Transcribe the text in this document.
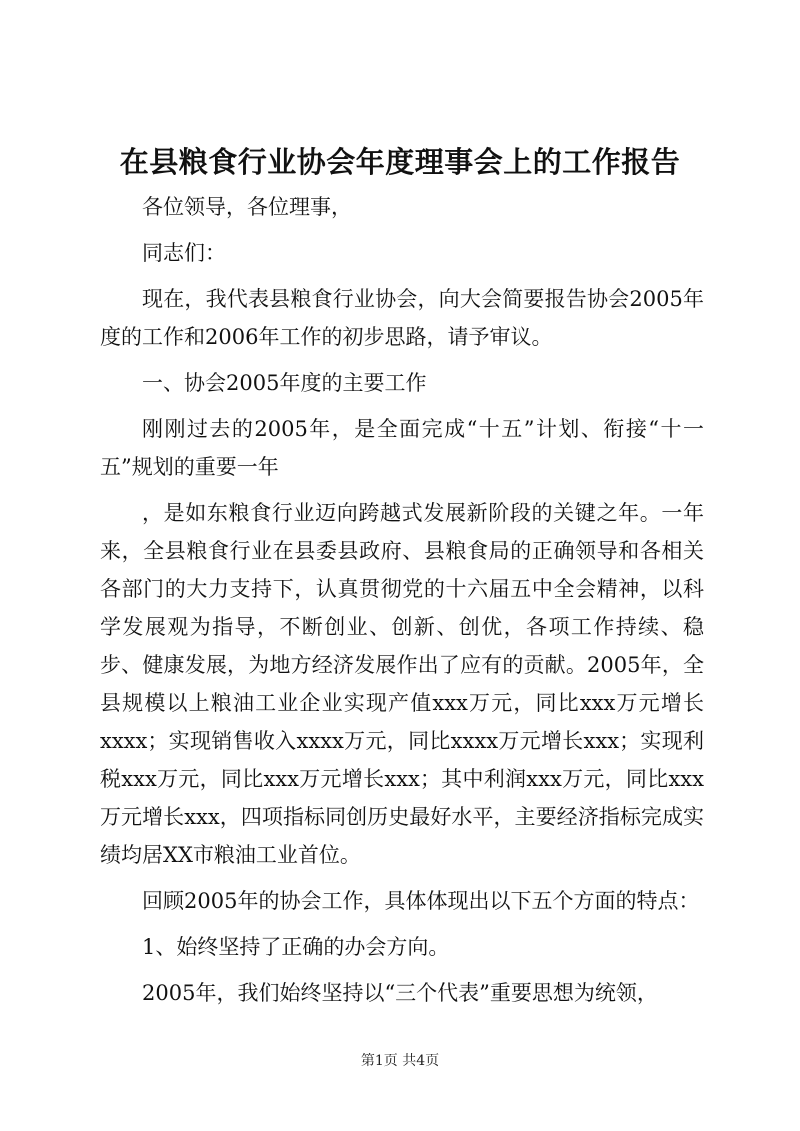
在县粮食行业协会年度理事会上的工作报告

各位领导，各位理事，

同志们：

现在，我代表县粮食行业协会，向大会简要报告协会2005年度的工作和2006年工作的初步思路，请予审议。

一、协会2005年度的主要工作

刚刚过去的2005年，是全面完成“十五”计划、衔接“十一五”规划的重要一年

，是如东粮食行业迈向跨越式发展新阶段的关键之年。一年来，全县粮食行业在县委县政府、县粮食局的正确领导和各相关各部门的大力支持下，认真贯彻党的十六届五中全会精神，以科学发展观为指导，不断创业、创新、创优，各项工作持续、稳步、健康发展，为地方经济发展作出了应有的贡献。2005年，全县规模以上粮油工业企业实现产值xxx万元，同比xxx万元增长xxxx；实现销售收入xxxx万元，同比xxxx万元增长xxx；实现利税xxx万元，同比xxx万元增长xxx；其中利润xxx万元，同比xxx万元增长xxx，四项指标同创历史最好水平，主要经济指标完成实绩均居XX市粮油工业首位。

回顾2005年的协会工作，具体体现出以下五个方面的特点：

1、始终坚持了正确的办会方向。

2005年，我们始终坚持以“三个代表”重要思想为统领，

第1页 共4页
